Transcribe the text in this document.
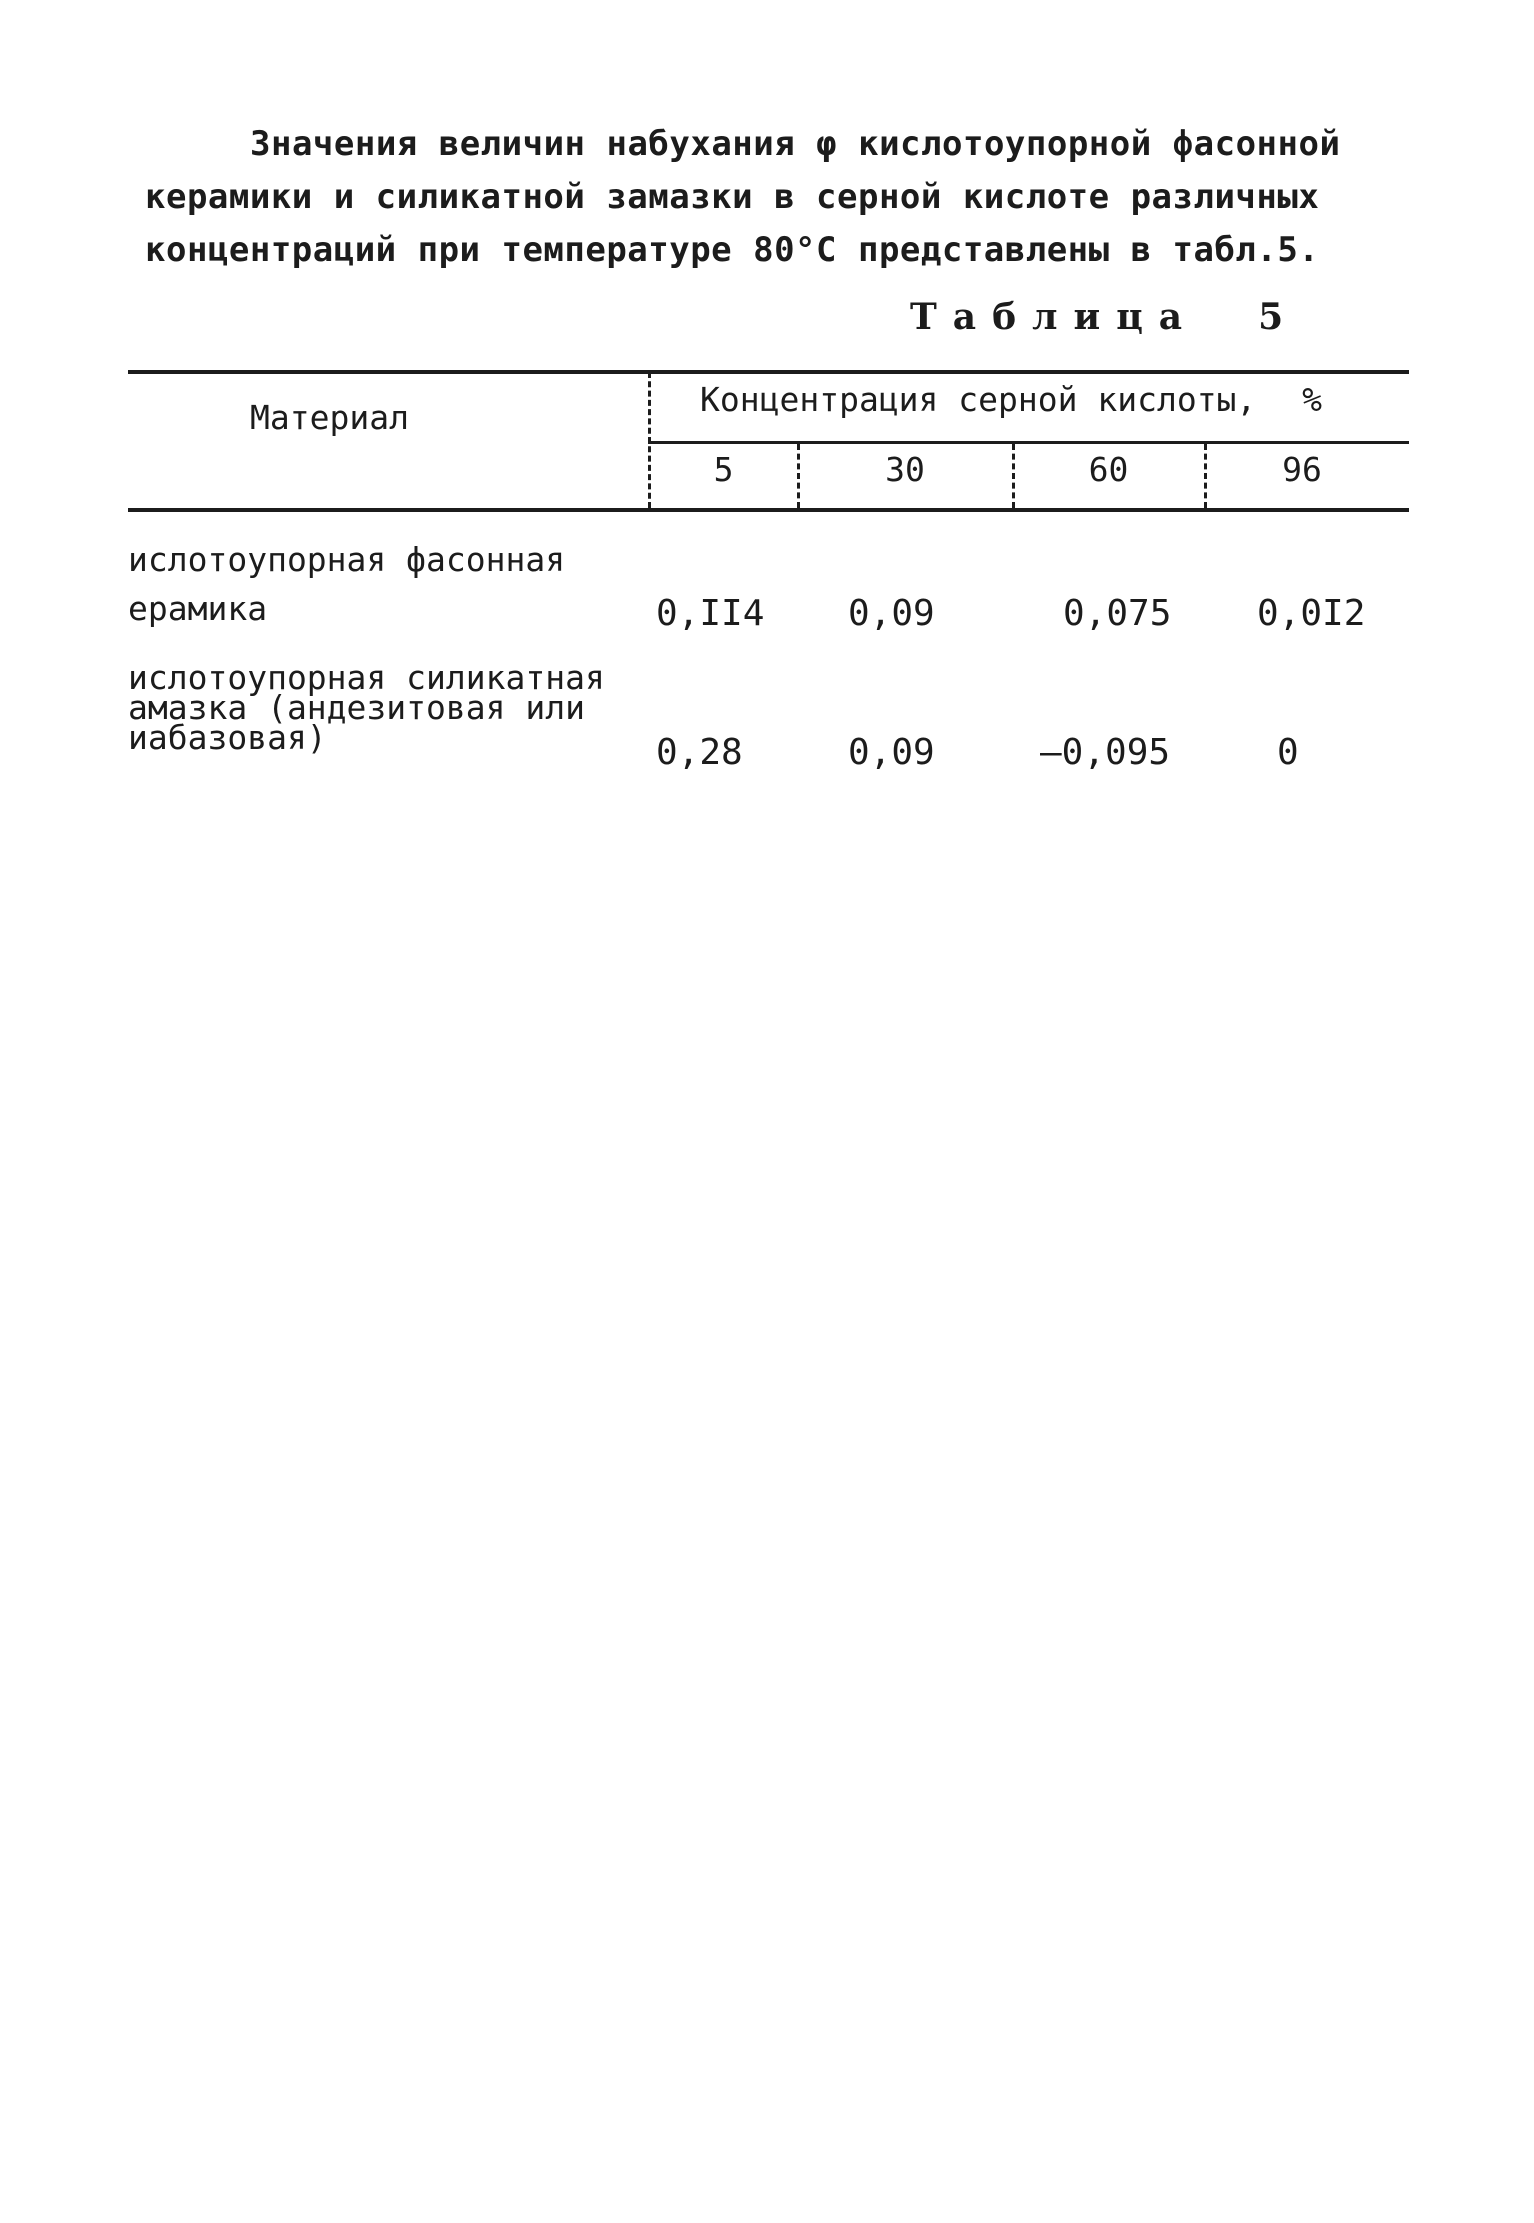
Значения величин набухания φ кислотоупорной фасонной
керамики и силикатной замазки в серной кислоте различных
концентраций при температуре 80°С представлены в табл.5.
Таблица 5
Материал	Концентрация серной кислоты, %
5	30	60	96
ислотоупорная фасонная
ерамика	0,II4 0,09	0,075 0,0I2
ислотоупорная силикатная
амазка (андезитовая или
иабазовая)	0,28	0,09	–0,095	0
